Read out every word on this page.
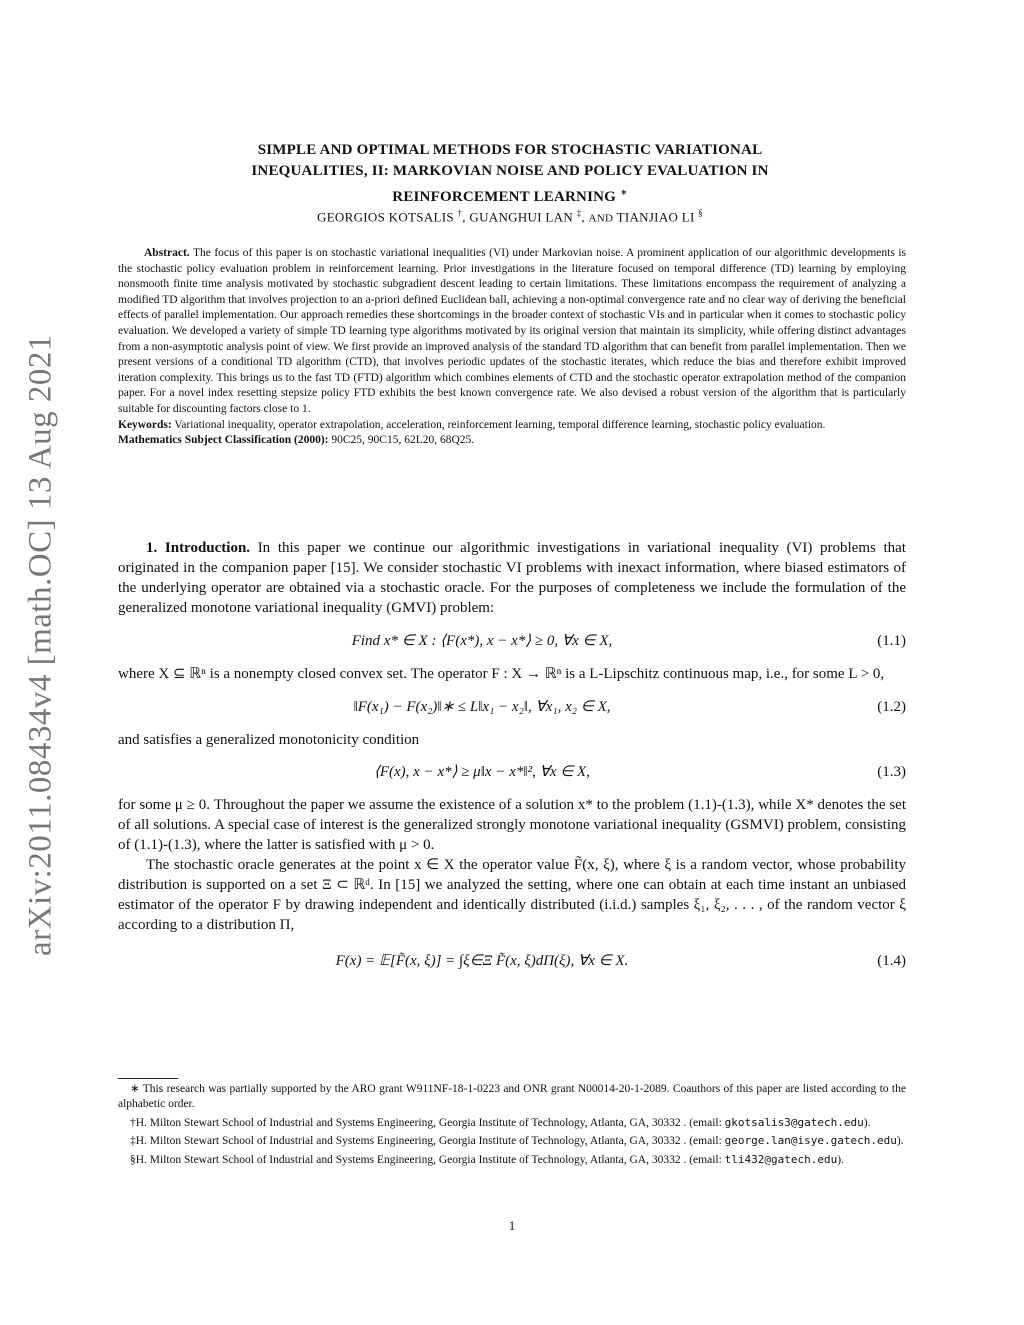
arXiv:2011.08434v4 [math.OC] 13 Aug 2021
SIMPLE AND OPTIMAL METHODS FOR STOCHASTIC VARIATIONAL
INEQUALITIES, II: MARKOVIAN NOISE AND POLICY EVALUATION IN
REINFORCEMENT LEARNING ∗
GEORGIOS KOTSALIS †, GUANGHUI LAN ‡, AND TIANJIAO LI §

Abstract. The focus of this paper is on stochastic variational inequalities (VI) under Markovian noise. A prominent application of our algorithmic developments is the stochastic policy evaluation problem in reinforcement learning. Prior investigations in the literature focused on temporal difference (TD) learning by employing nonsmooth finite time analysis motivated by stochastic subgradient descent leading to certain limitations. These limitations encompass the requirement of analyzing a modified TD algorithm that involves projection to an a-priori defined Euclidean ball, achieving a non-optimal convergence rate and no clear way of deriving the beneficial effects of parallel implementation. Our approach remedies these shortcomings in the broader context of stochastic VIs and in particular when it comes to stochastic policy evaluation. We developed a variety of simple TD learning type algorithms motivated by its original version that maintain its simplicity, while offering distinct advantages from a non-asymptotic analysis point of view. We first provide an improved analysis of the standard TD algorithm that can benefit from parallel implementation. Then we present versions of a conditional TD algorithm (CTD), that involves periodic updates of the stochastic iterates, which reduce the bias and therefore exhibit improved iteration complexity. This brings us to the fast TD (FTD) algorithm which combines elements of CTD and the stochastic operator extrapolation method of the companion paper. For a novel index resetting stepsize policy FTD exhibits the best known convergence rate. We also devised a robust version of the algorithm that is particularly suitable for discounting factors close to 1.

Keywords: Variational inequality, operator extrapolation, acceleration, reinforcement learning, temporal difference learning, stochastic policy evaluation.

Mathematics Subject Classification (2000): 90C25, 90C15, 62L20, 68Q25.

1. Introduction. In this paper we continue our algorithmic investigations in variational inequality (VI) problems that originated in the companion paper [15]. We consider stochastic VI problems with inexact information, where biased estimators of the underlying operator are obtained via a stochastic oracle. For the purposes of completeness we include the formulation of the generalized monotone variational inequality (GMVI) problem:

Find x* ∈ X : ⟨F(x*), x − x*⟩ ≥ 0, ∀x ∈ X,	(1.1)

where X ⊆ ℝⁿ is a nonempty closed convex set. The operator F : X → ℝⁿ is a L-Lipschitz continuous map, i.e., for some L > 0,

‖F(x₁) − F(x₂)‖∗ ≤ L‖x₁ − x₂‖, ∀x₁, x₂ ∈ X,	(1.2)

and satisfies a generalized monotonicity condition

⟨F(x), x − x*⟩ ≥ μ‖x − x*‖², ∀x ∈ X,	(1.3)

for some μ ≥ 0. Throughout the paper we assume the existence of a solution x* to the problem (1.1)-(1.3), while X* denotes the set of all solutions. A special case of interest is the generalized strongly monotone variational inequality (GSMVI) problem, consisting of (1.1)-(1.3), where the latter is satisfied with μ > 0.

The stochastic oracle generates at the point x ∈ X the operator value F̃(x, ξ), where ξ is a random vector, whose probability distribution is supported on a set Ξ ⊂ ℝᵈ. In [15] we analyzed the setting, where one can obtain at each time instant an unbiased estimator of the operator F by drawing independent and identically distributed (i.i.d.) samples ξ₁, ξ₂, . . . , of the random vector ξ according to a distribution Π,

F(x) = 𝔼[F̃(x, ξ)] = ∫ξ∈Ξ F̃(x, ξ)dΠ(ξ), ∀x ∈ X.	(1.4)

∗ This research was partially supported by the ARO grant W911NF-18-1-0223 and ONR grant N00014-20-1-2089. Coauthors of this paper are listed according to the alphabetic order.

†H. Milton Stewart School of Industrial and Systems Engineering, Georgia Institute of Technology, Atlanta, GA, 30332 . (email: gkotsalis3@gatech.edu).

‡H. Milton Stewart School of Industrial and Systems Engineering, Georgia Institute of Technology, Atlanta, GA, 30332 . (email: george.lan@isye.gatech.edu).

§H. Milton Stewart School of Industrial and Systems Engineering, Georgia Institute of Technology, Atlanta, GA, 30332 . (email: tli432@gatech.edu).

1
